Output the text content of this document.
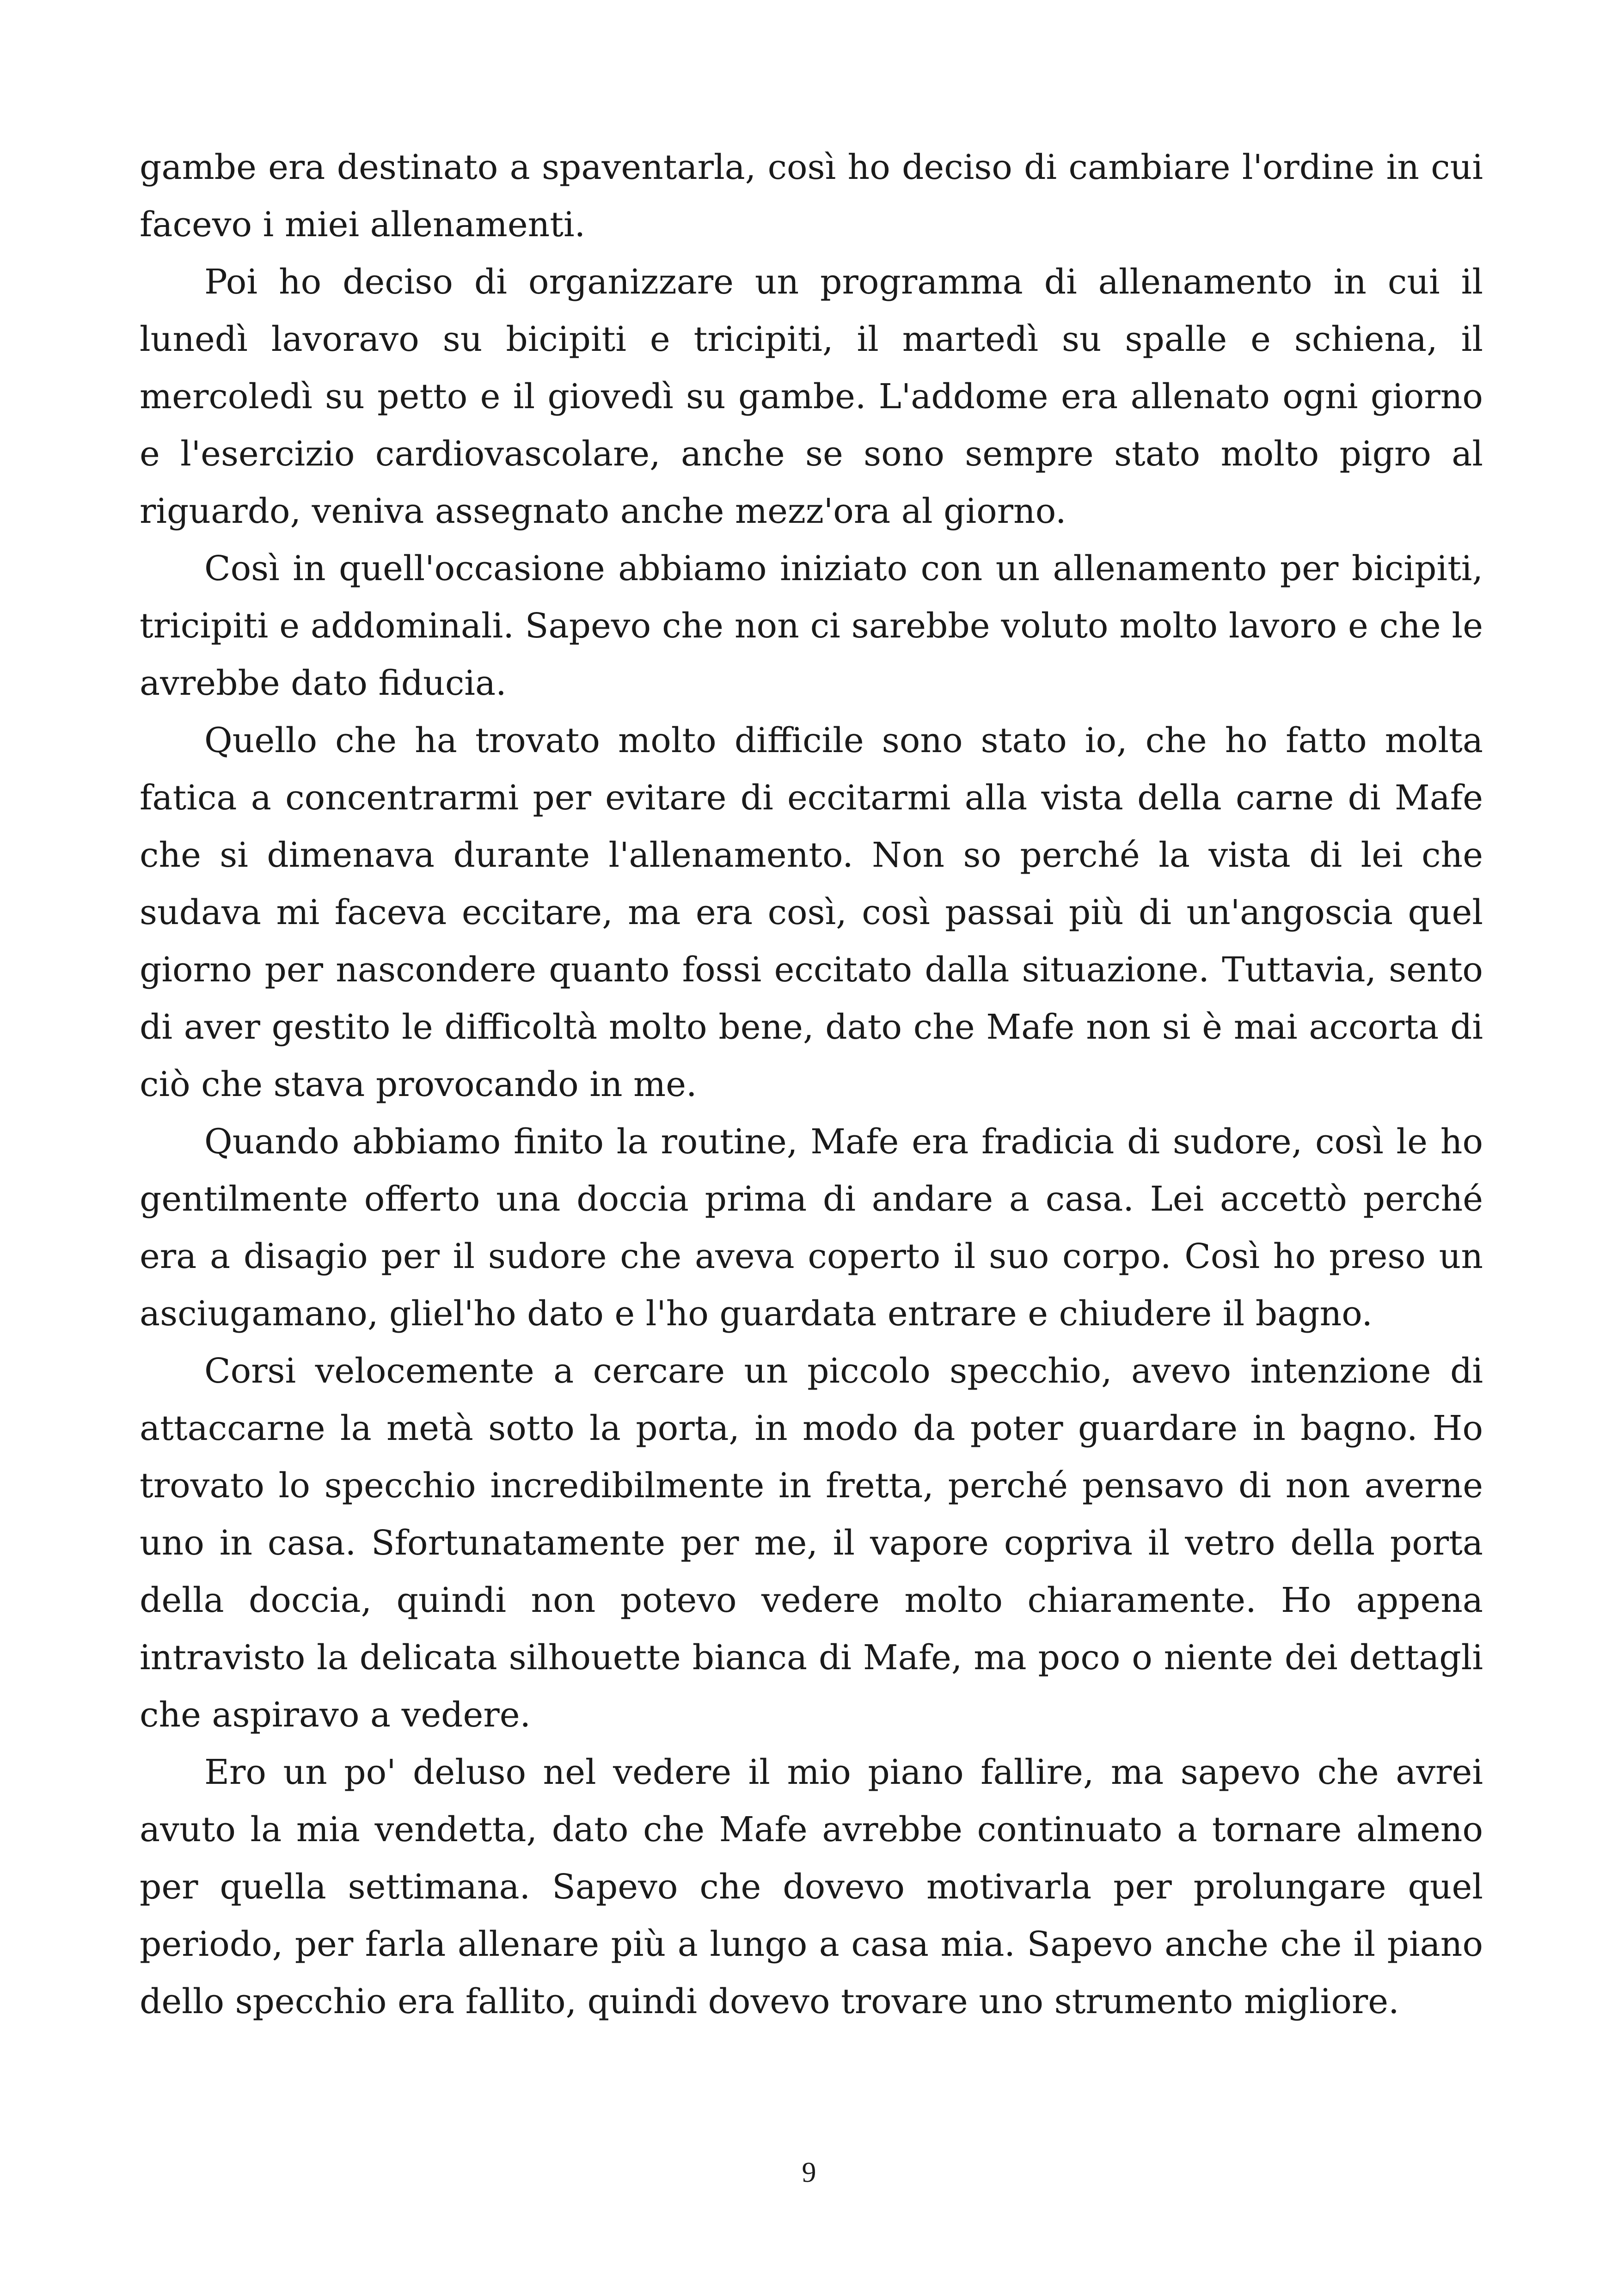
gambe era destinato a spaventarla, così ho deciso di cambiare l'ordine in cui facevo i miei allenamenti.

Poi ho deciso di organizzare un programma di allenamento in cui il lunedì lavoravo su bicipiti e tricipiti, il martedì su spalle e schiena, il mercoledì su petto e il giovedì su gambe. L'addome era allenato ogni giorno e l'esercizio cardiovascolare, anche se sono sempre stato molto pigro al riguardo, veniva assegnato anche mezz'ora al giorno.

Così in quell'occasione abbiamo iniziato con un allenamento per bicipiti, tricipiti e addominali. Sapevo che non ci sarebbe voluto molto lavoro e che le avrebbe dato fiducia.

Quello che ha trovato molto difficile sono stato io, che ho fatto molta fatica a concentrarmi per evitare di eccitarmi alla vista della carne di Mafe che si dimenava durante l'allenamento. Non so perché la vista di lei che sudava mi faceva eccitare, ma era così, così passai più di un'angoscia quel giorno per nascondere quanto fossi eccitato dalla situazione. Tuttavia, sento di aver gestito le difficoltà molto bene, dato che Mafe non si è mai accorta di ciò che stava provocando in me.

Quando abbiamo finito la routine, Mafe era fradicia di sudore, così le ho gentilmente offerto una doccia prima di andare a casa. Lei accettò perché era a disagio per il sudore che aveva coperto il suo corpo. Così ho preso un asciugamano, gliel'ho dato e l'ho guardata entrare e chiudere il bagno.

Corsi velocemente a cercare un piccolo specchio, avevo intenzione di attaccarne la metà sotto la porta, in modo da poter guardare in bagno. Ho trovato lo specchio incredibilmente in fretta, perché pensavo di non averne uno in casa. Sfortunatamente per me, il vapore copriva il vetro della porta della doccia, quindi non potevo vedere molto chiaramente. Ho appena intravisto la delicata silhouette bianca di Mafe, ma poco o niente dei dettagli che aspiravo a vedere.

Ero un po' deluso nel vedere il mio piano fallire, ma sapevo che avrei avuto la mia vendetta, dato che Mafe avrebbe continuato a tornare almeno per quella settimana. Sapevo che dovevo motivarla per prolungare quel periodo, per farla allenare più a lungo a casa mia. Sapevo anche che il piano dello specchio era fallito, quindi dovevo trovare uno strumento migliore.

9
